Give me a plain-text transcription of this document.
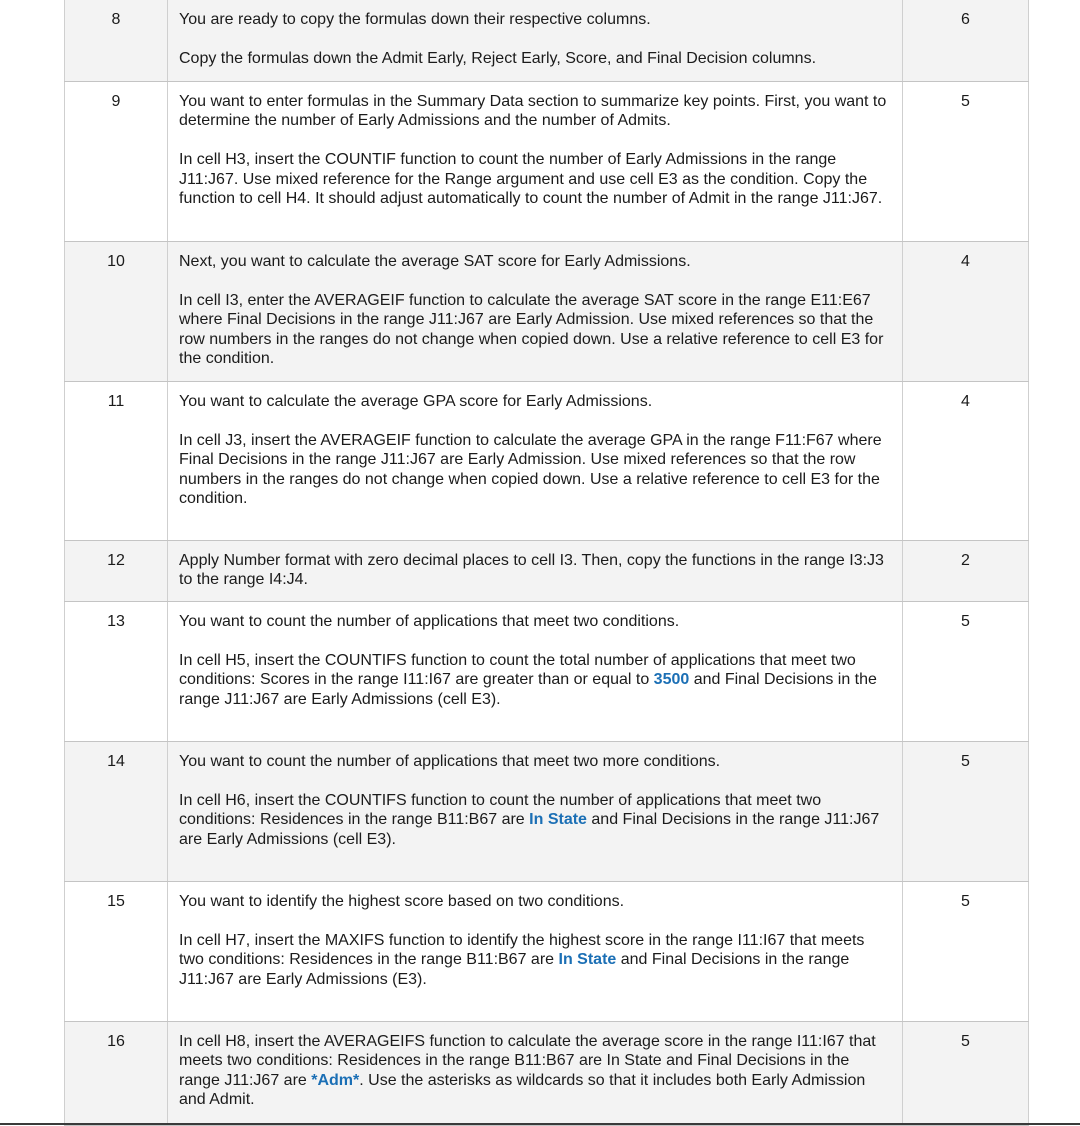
8	You are ready to copy the formulas down their respective columns.

Copy the formulas down the Admit Early, Reject Early, Score, and Final Decision columns.	6
9	You want to enter formulas in the Summary Data section to summarize key points. First, you want to determine the number of Early Admissions and the number of Admits.

In cell H3, insert the COUNTIF function to count the number of Early Admissions in the range J11:J67. Use mixed reference for the Range argument and use cell E3 as the condition. Copy the function to cell H4. It should adjust automatically to count the number of Admit in the range J11:J67.	5
10	Next, you want to calculate the average SAT score for Early Admissions.

In cell I3, enter the AVERAGEIF function to calculate the average SAT score in the range E11:E67 where Final Decisions in the range J11:J67 are Early Admission. Use mixed references so that the row numbers in the ranges do not change when copied down. Use a relative reference to cell E3 for the condition.	4
11	You want to calculate the average GPA score for Early Admissions.

In cell J3, insert the AVERAGEIF function to calculate the average GPA in the range F11:F67 where Final Decisions in the range J11:J67 are Early Admission. Use mixed references so that the row numbers in the ranges do not change when copied down. Use a relative reference to cell E3 for the condition.	4
12	Apply Number format with zero decimal places to cell I3. Then, copy the functions in the range I3:J3 to the range I4:J4.	2
13	You want to count the number of applications that meet two conditions.

In cell H5, insert the COUNTIFS function to count the total number of applications that meet two conditions: Scores in the range I11:I67 are greater than or equal to 3500 and Final Decisions in the range J11:J67 are Early Admissions (cell E3).	5
14	You want to count the number of applications that meet two more conditions.

In cell H6, insert the COUNTIFS function to count the number of applications that meet two conditions: Residences in the range B11:B67 are In State and Final Decisions in the range J11:J67 are Early Admissions (cell E3).	5
15	You want to identify the highest score based on two conditions.

In cell H7, insert the MAXIFS function to identify the highest score in the range I11:I67 that meets two conditions: Residences in the range B11:B67 are In State and Final Decisions in the range J11:J67 are Early Admissions (E3).	5
16	In cell H8, insert the AVERAGEIFS function to calculate the average score in the range I11:I67 that meets two conditions: Residences in the range B11:B67 are In State and Final Decisions in the range J11:J67 are *Adm*. Use the asterisks as wildcards so that it includes both Early Admission and Admit.	5
